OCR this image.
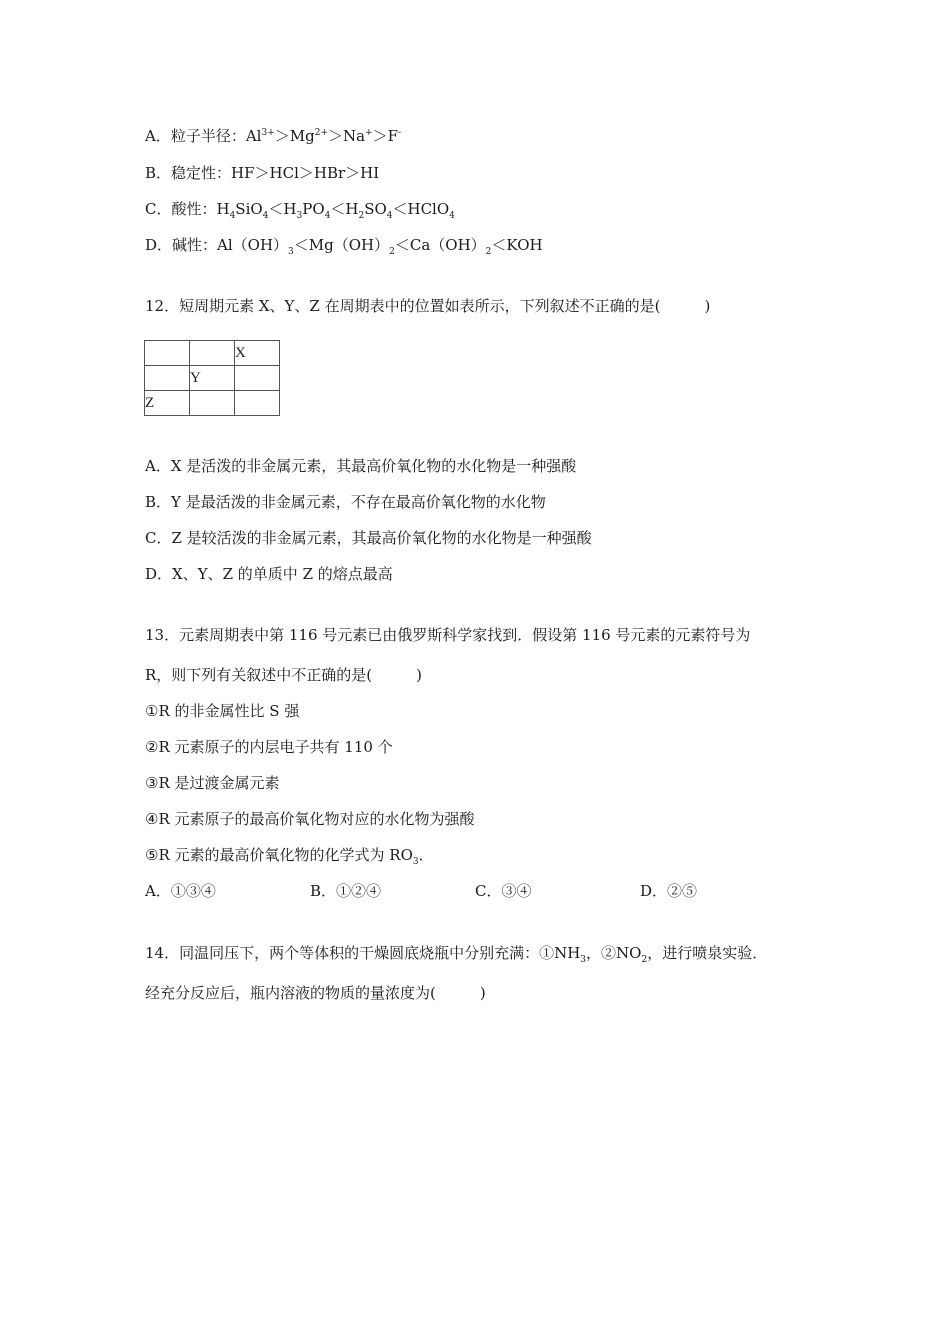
A．粒子半径：$Al^{3+}>Mg^{2+}>Na^+>F^-$
B．稳定性：HF＞HCl＞HBr＞HI
C．酸性：$H_4SiO_4<H_3PO_4<H_2SO_4<HClO_4$
D．碱性：$Al(OH)_3<Mg(OH)_2<Ca(OH)_2<KOH$
12．短周期元素 X、Y、Z 在周期表中的位置如表所示，下列叙述不正确的是(	)
		X
	Y	
Z		
A．X 是活泼的非金属元素，其最高价氧化物的水化物是一种强酸
B．Y 是最活泼的非金属元素，不存在最高价氧化物的水化物
C．Z 是较活泼的非金属元素，其最高价氧化物的水化物是一种强酸
D．X、Y、Z 的单质中 Z 的熔点最高
13．元素周期表中第 116 号元素已由俄罗斯科学家找到．假设第 116 号元素的元素符号为
R，则下列有关叙述中不正确的是(	)
①R 的非金属性比 S 强
②R 元素原子的内层电子共有 110 个
③R 是过渡金属元素
④R 元素原子的最高价氧化物对应的水化物为强酸
⑤R 元素的最高价氧化物的化学式为 $RO_3$．
A．①③④	B．①②④	C．③④	D．②⑤
14．同温同压下，两个等体积的干燥圆底烧瓶中分别充满：$①NH_3$，$②NO_2$，进行喷泉实验．
经充分反应后，瓶内溶液的物质的量浓度为(	)
